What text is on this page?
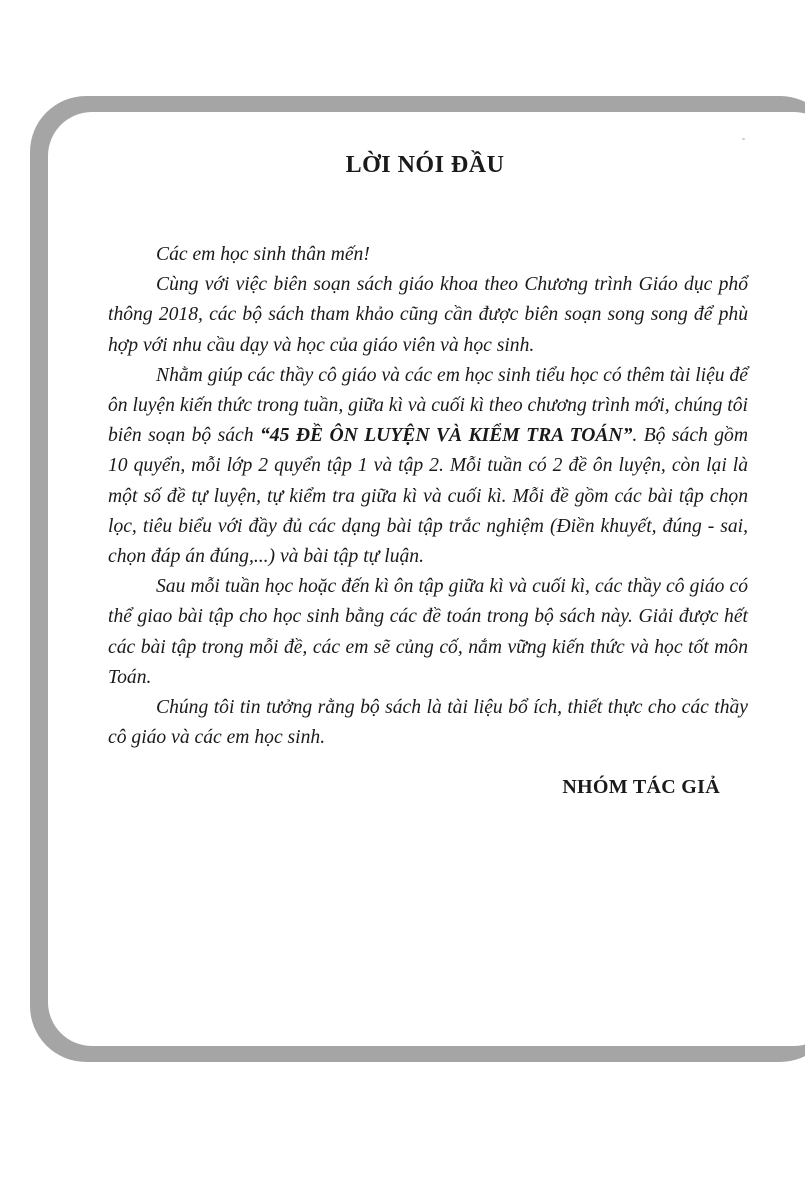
LỜI NÓI ĐẦU

Các em học sinh thân mến!

Cùng với việc biên soạn sách giáo khoa theo Chương trình Giáo dục phổ thông 2018, các bộ sách tham khảo cũng cần được biên soạn song song để phù hợp với nhu cầu dạy và học của giáo viên và học sinh.

Nhằm giúp các thầy cô giáo và các em học sinh tiểu học có thêm tài liệu để ôn luyện kiến thức trong tuần, giữa kì và cuối kì theo chương trình mới, chúng tôi biên soạn bộ sách “45 ĐỀ ÔN LUYỆN VÀ KIỂM TRA TOÁN”. Bộ sách gồm 10 quyển, mỗi lớp 2 quyển tập 1 và tập 2. Mỗi tuần có 2 đề ôn luyện, còn lại là một số đề tự luyện, tự kiểm tra giữa kì và cuối kì. Mỗi đề gồm các bài tập chọn lọc, tiêu biểu với đầy đủ các dạng bài tập trắc nghiệm (Điền khuyết, đúng - sai, chọn đáp án đúng,...) và bài tập tự luận.

Sau mỗi tuần học hoặc đến kì ôn tập giữa kì và cuối kì, các thầy cô giáo có thể giao bài tập cho học sinh bằng các đề toán trong bộ sách này. Giải được hết các bài tập trong mỗi đề, các em sẽ củng cố, nắm vững kiến thức và học tốt môn Toán.

Chúng tôi tin tưởng rằng bộ sách là tài liệu bổ ích, thiết thực cho các thầy cô giáo và các em học sinh.

NHÓM TÁC GIẢ
